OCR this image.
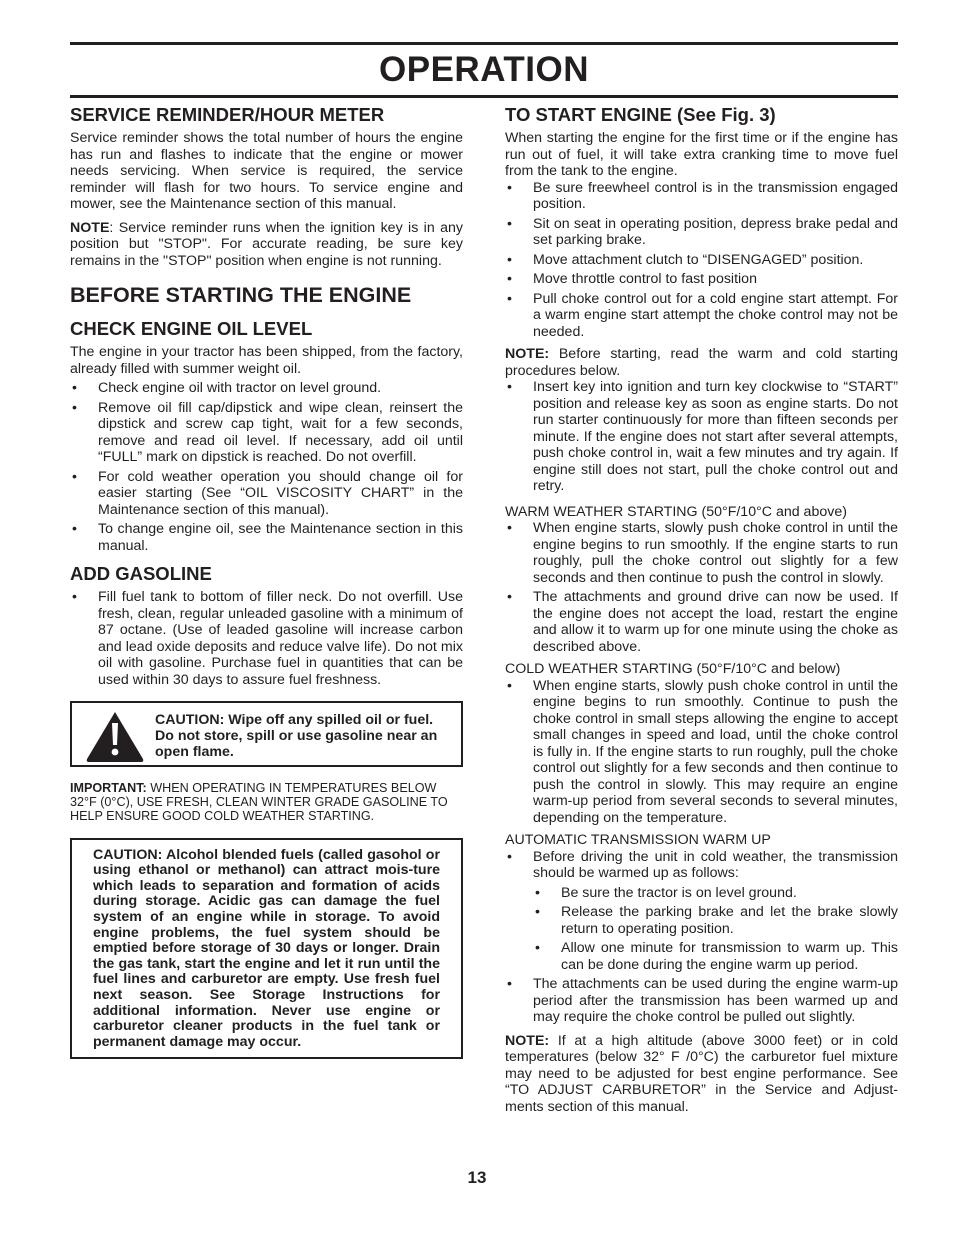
OPERATION
SERVICE REMINDER/HOUR METER

Service reminder shows the total number of hours the engine has run and flashes to indicate that the engine or mower needs servicing. When service is required, the service reminder will flash for two hours. To service engine and mower, see the Maintenance section of this manual.

NOTE: Service reminder runs when the ignition key is in any position but "STOP". For accurate reading, be sure key remains in the "STOP" position when engine is not running.

BEFORE STARTING THE ENGINE
CHECK ENGINE OIL LEVEL

The engine in your tractor has been shipped, from the factory, already filled with summer weight oil.

• Check engine oil with tractor on level ground.
• Remove oil fill cap/dipstick and wipe clean, reinsert the dipstick and screw cap tight, wait for a few seconds, remove and read oil level. If necessary, add oil until “FULL” mark on dipstick is reached. Do not overfill.
• For cold weather operation you should change oil for easier starting (See “OIL VISCOSITY CHART” in the Maintenance section of this manual).
• To change engine oil, see the Maintenance section in this manual.
ADD GASOLINE
• Fill fuel tank to bottom of filler neck. Do not overfill. Use fresh, clean, regular unleaded gasoline with a minimum of 87 octane. (Use of leaded gasoline will increase carbon and lead oxide deposits and reduce valve life). Do not mix oil with gasoline. Purchase fuel in quantities that can be used within 30 days to assure fuel freshness.
CAUTION: Wipe off any spilled oil or fuel. Do not store, spill or use gasoline near an open flame.

IMPORTANT: WHEN OPERATING IN TEMPERATURES BELOW 32°F (0°C), USE FRESH, CLEAN WINTER GRADE GASOLINE TO HELP ENSURE GOOD COLD WEATHER STARTING.

CAUTION: Alcohol blended fuels (called gasohol or using ethanol or methanol) can attract mois-ture which leads to separation and formation of acids during storage. Acidic gas can damage the fuel system of an engine while in storage. To avoid engine problems, the fuel system should be emptied before storage of 30 days or longer. Drain the gas tank, start the engine and let it run until the fuel lines and carburetor are empty. Use fresh fuel next season. See Storage Instructions for additional information. Never use engine or carburetor cleaner products in the fuel tank or permanent damage may occur.
TO START ENGINE (See Fig. 3)

When starting the engine for the first time or if the engine has run out of fuel, it will take extra cranking time to move fuel from the tank to the engine.

• Be sure freewheel control is in the transmission engaged position.
• Sit on seat in operating position, depress brake pedal and set parking brake.
• Move attachment clutch to “DISENGAGED” position.
• Move throttle control to fast position
• Pull choke control out for a cold engine start attempt. For a warm engine start attempt the choke control may not be needed.

NOTE: Before starting, read the warm and cold starting procedures below.

• Insert key into ignition and turn key clockwise to “START” position and release key as soon as engine starts. Do not run starter continuously for more than fifteen seconds per minute. If the engine does not start after several attempts, push choke control in, wait a few minutes and try again. If engine still does not start, pull the choke control out and retry.

WARM WEATHER STARTING (50°F/10°C and above)

• When engine starts, slowly push choke control in until the engine begins to run smoothly. If the engine starts to run roughly, pull the choke control out slightly for a few seconds and then continue to push the control in slowly.
• The attachments and ground drive can now be used. If the engine does not accept the load, restart the engine and allow it to warm up for one minute using the choke as described above.

COLD WEATHER STARTING (50°F/10°C and below)

• When engine starts, slowly push choke control in until the engine begins to run smoothly. Continue to push the choke control in small steps allowing the engine to accept small changes in speed and load, until the choke control is fully in. If the engine starts to run roughly, pull the choke control out slightly for a few seconds and then continue to push the control in slowly. This may require an engine warm-up period from several seconds to several minutes, depending on the temperature.

AUTOMATIC TRANSMISSION WARM UP

• Before driving the unit in cold weather, the transmission should be warmed up as follows:
• Be sure the tractor is on level ground.
• Release the parking brake and let the brake slowly return to operating position.
• Allow one minute for transmission to warm up. This can be done during the engine warm up period.
• The attachments can be used during the engine warm-up period after the transmission has been warmed up and may require the choke control be pulled out slightly.

NOTE: If at a high altitude (above 3000 feet) or in cold temperatures (below 32° F /0°C) the carburetor fuel mixture may need to be adjusted for best engine performance. See “TO ADJUST CARBURETOR” in the Service and Adjust-ments section of this manual.

13
